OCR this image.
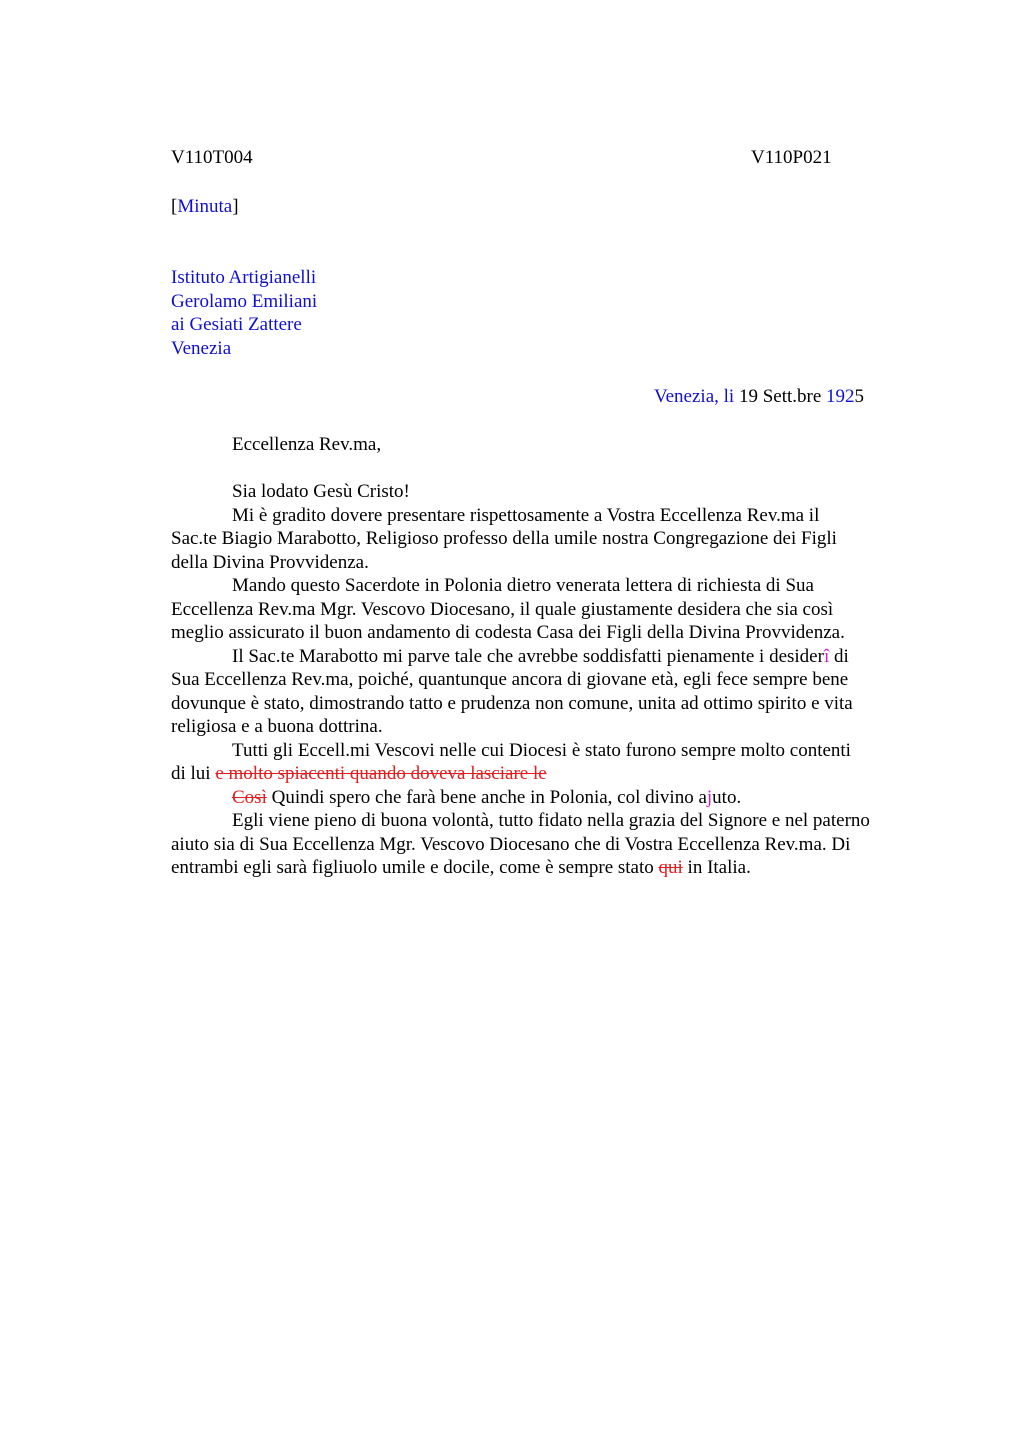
V110T004	V110P021
[Minuta]
Istituto Artigianelli
Gerolamo Emiliani
ai Gesiati Zattere
Venezia
Venezia, li 19 Sett.bre 1925
Eccellenza Rev.ma,
Sia lodato Gesù Cristo!
Mi è gradito dovere presentare rispettosamente a Vostra Eccellenza Rev.ma il
Sac.te Biagio Marabotto, Religioso professo della umile nostra Congregazione dei Figli
della Divina Provvidenza.
Mando questo Sacerdote in Polonia dietro venerata lettera di richiesta di Sua
Eccellenza Rev.ma Mgr. Vescovo Diocesano, il quale giustamente desidera che sia così
meglio assicurato il buon andamento di codesta Casa dei Figli della Divina Provvidenza.
Il Sac.te Marabotto mi parve tale che avrebbe soddisfatti pienamente i desiderî di
Sua Eccellenza Rev.ma, poiché, quantunque ancora di giovane età, egli fece sempre bene
dovunque è stato, dimostrando tatto e prudenza non comune, unita ad ottimo spirito e vita
religiosa e a buona dottrina.
Tutti gli Eccell.mi Vescovi nelle cui Diocesi è stato furono sempre molto contenti
di lui e molto spiacenti quando doveva lasciare le
Così Quindi spero che farà bene anche in Polonia, col divino ajuto.
Egli viene pieno di buona volontà, tutto fidato nella grazia del Signore e nel paterno
aiuto sia di Sua Eccellenza Mgr. Vescovo Diocesano che di Vostra Eccellenza Rev.ma. Di
entrambi egli sarà figliuolo umile e docile, come è sempre stato qui in Italia.
